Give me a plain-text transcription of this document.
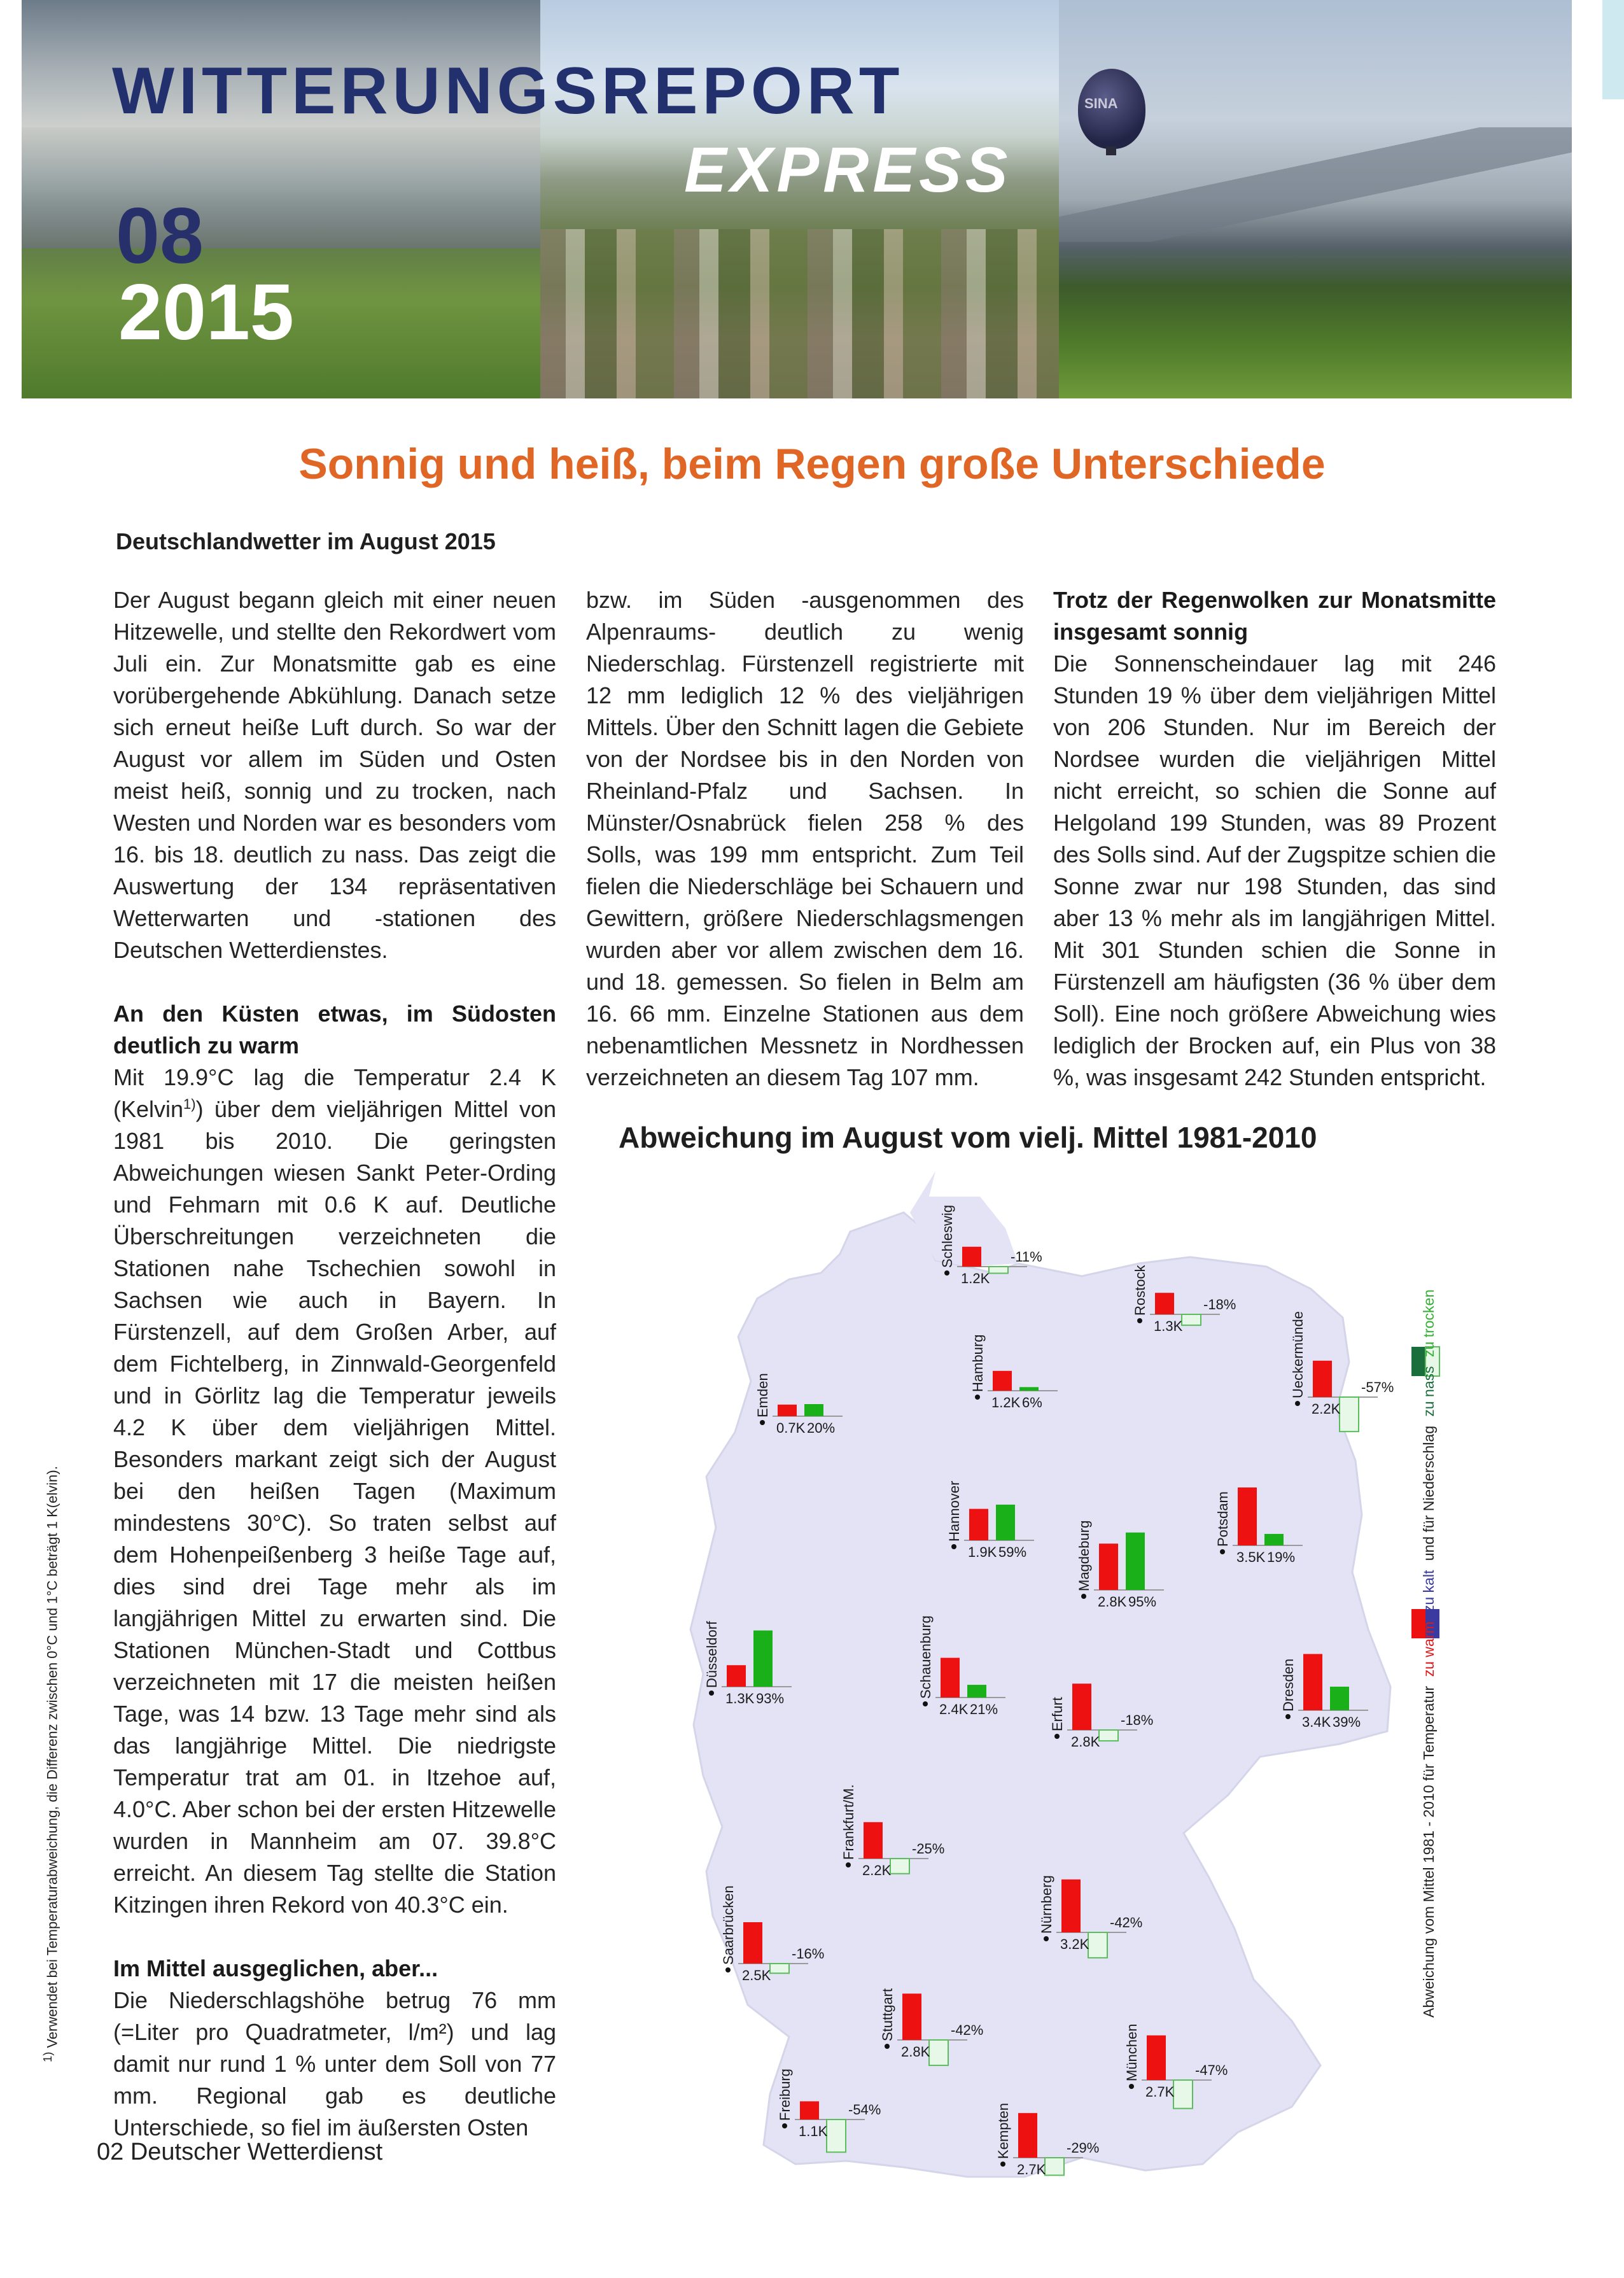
SINA
WITTERUNGSREPORT
EXPRESS
08
2015
Sonnig und heiß, beim Regen große Unterschiede
Deutschlandwetter im August 2015

Der August begann gleich mit einer neuen Hitzewelle, und stellte den Rekordwert vom Juli ein. Zur Monatsmitte gab es eine vorübergehende Abkühlung. Danach setze sich erneut heiße Luft durch. So war der August vor allem im Süden und Osten meist heiß, sonnig und zu trocken, nach Westen und Norden war es besonders vom 16. bis 18. deutlich zu nass. Das zeigt die Auswertung der 134 repräsentativen Wetterwarten und -stationen des Deutschen Wetterdienstes.

An den Küsten etwas, im Südosten deutlich zu warm

Mit 19.9°C lag die Temperatur 2.4 K (Kelvin$^{1)}$) über dem vieljährigen Mittel von 1981 bis 2010. Die geringsten Abweichungen wiesen Sankt Peter-Ording und Fehmarn mit 0.6 K auf. Deutliche Überschreitungen verzeichneten die Stationen nahe Tschechien sowohl in Sachsen wie auch in Bayern. In Fürstenzell, auf dem Großen Arber, auf dem Fichtelberg, in Zinnwald-Georgenfeld und in Görlitz lag die Temperatur jeweils 4.2 K über dem vieljährigen Mittel. Besonders markant zeigt sich der August bei den heißen Tagen (Maximum mindestens 30°C). So traten selbst auf dem Hohenpeißenberg 3 heiße Tage auf, dies sind drei Tage mehr als im langjährigen Mittel zu erwarten sind. Die Stationen München-Stadt und Cottbus verzeichneten mit 17 die meisten heißen Tage, was 14 bzw. 13 Tage mehr sind als das langjährige Mittel. Die niedrigste Temperatur trat am 01. in Itzehoe auf, 4.0°C. Aber schon bei der ersten Hitzewelle wurden in Mannheim am 07. 39.8°C erreicht. An diesem Tag stellte die Station Kitzingen ihren Rekord von 40.3°C ein.

Im Mittel ausgeglichen, aber...

Die Niederschlagshöhe betrug 76 mm (=Liter pro Quadratmeter, l/m²) und lag damit nur rund 1 % unter dem Soll von 77 mm. Regional gab es deutliche Unterschiede, so fiel im äußersten Osten

bzw. im Süden -ausgenommen des Alpenraums- deutlich zu wenig Niederschlag. Fürstenzell registrierte mit 12 mm lediglich 12 % des vieljährigen Mittels. Über den Schnitt lagen die Gebiete von der Nordsee bis in den Norden von Rheinland-Pfalz und Sachsen. In Münster/Osnabrück fielen 258 % des Solls, was 199 mm entspricht. Zum Teil fielen die Niederschläge bei Schauern und Gewittern, größere Niederschlagsmengen wurden aber vor allem zwischen dem 16. und 18. gemessen. So fielen in Belm am 16. 66 mm. Einzelne Stationen aus dem nebenamtlichen Messnetz in Nordhessen verzeichneten an diesem Tag 107 mm.

Trotz der Regenwolken zur Monatsmitte insgesamt sonnig

Die Sonnenscheindauer lag mit 246 Stunden 19 % über dem vieljährigen Mittel von 206 Stunden. Nur im Bereich der Nordsee wurden die vieljährigen Mittel nicht erreicht, so schien die Sonne auf Helgoland 199 Stunden, was 89 Prozent des Solls sind. Auf der Zugspitze schien die Sonne zwar nur 198 Stunden, das sind aber 13 % mehr als im langjährigen Mittel. Mit 301 Stunden schien die Sonne in Fürstenzell am häufigsten (36 % über dem Soll). Eine noch größere Abweichung wies lediglich der Brocken auf, ein Plus von 38 %, was insgesamt 242 Stunden entspricht.

$^{1)}$ Verwendet bei Temperaturabweichung, die Differenz zwischen 0°C und 1°C beträgt 1 K(elvin).
02 Deutscher Wetterdienst
Abweichung im August vom vielj. Mittel 1981-2010
1.2K
-11%
Schleswig
1.3K
-18%
Rostock
2.2K
-57%
Ueckermünde
1.2K 6%
Hamburg
0.7K 20%
Emden
1.9K 59%
Hannover
2.8K 95%
Magdeburg	3.5K 19%
Potsdam
1.3K 93%
Düsseldorf
2.4K 21%
Schauenburg
2.8K
-18%
Erfurt	3.4K 39%
Dresden
2.2K
-25%
Frankfurt/M.
2.5K
-16%
Saarbrücken	3.2K
-42%
Nürnberg
2.8K
-42%
Stuttgart
2.7K
-47%
München
1.1K
-54%
Freiburg
2.7K
-29%
Kempten
Abweichung vom Mittel 1981 - 2010 für Temperatur zu warm zu kalt und für Niederschlag zu nass zu trocken
